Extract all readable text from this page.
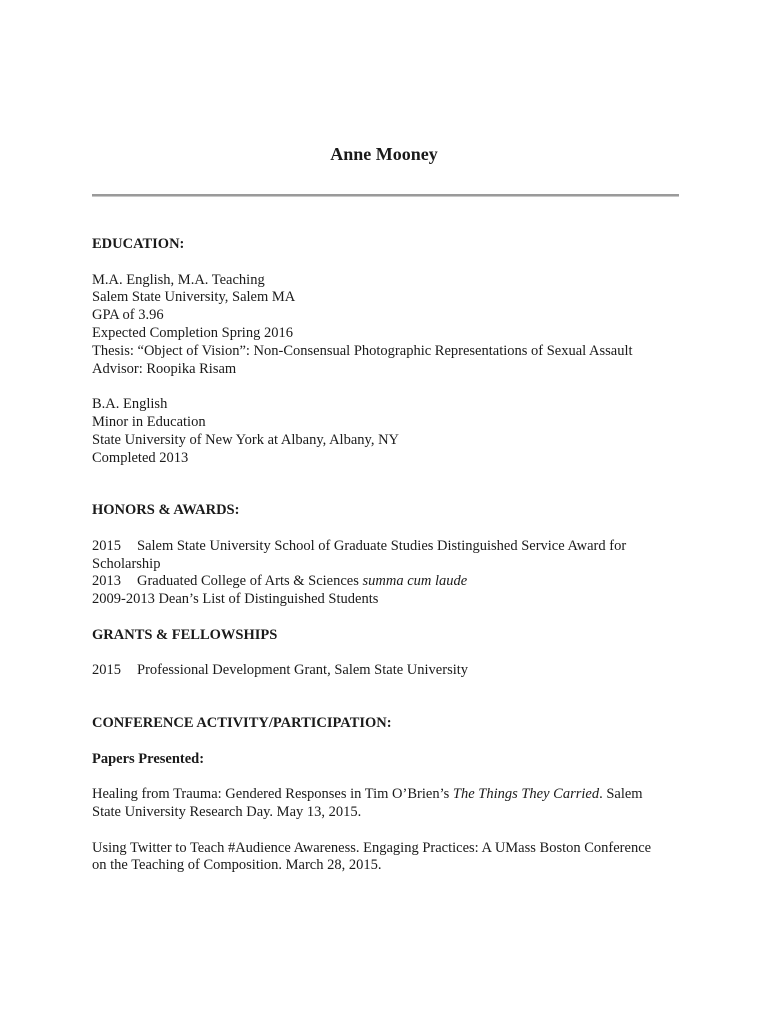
Anne Mooney

EDUCATION:

M.A. English, M.A. Teaching

Salem State University, Salem MA

GPA of 3.96

Expected Completion Spring 2016

Thesis: “Object of Vision”: Non-Consensual Photographic Representations of Sexual Assault

Advisor: Roopika Risam

B.A. English

Minor in Education

State University of New York at Albany, Albany, NY

Completed 2013

HONORS & AWARDS:

2015 Salem State University School of Graduate Studies Distinguished Service Award for

Scholarship

2013 Graduated College of Arts & Sciences summa cum laude

2009-2013 Dean’s List of Distinguished Students

GRANTS & FELLOWSHIPS

2015 Professional Development Grant, Salem State University

CONFERENCE ACTIVITY/PARTICIPATION:

Papers Presented:

Healing from Trauma: Gendered Responses in Tim O’Brien’s The Things They Carried. Salem

State University Research Day. May 13, 2015.

Using Twitter to Teach #Audience Awareness. Engaging Practices: A UMass Boston Conference

on the Teaching of Composition. March 28, 2015.
